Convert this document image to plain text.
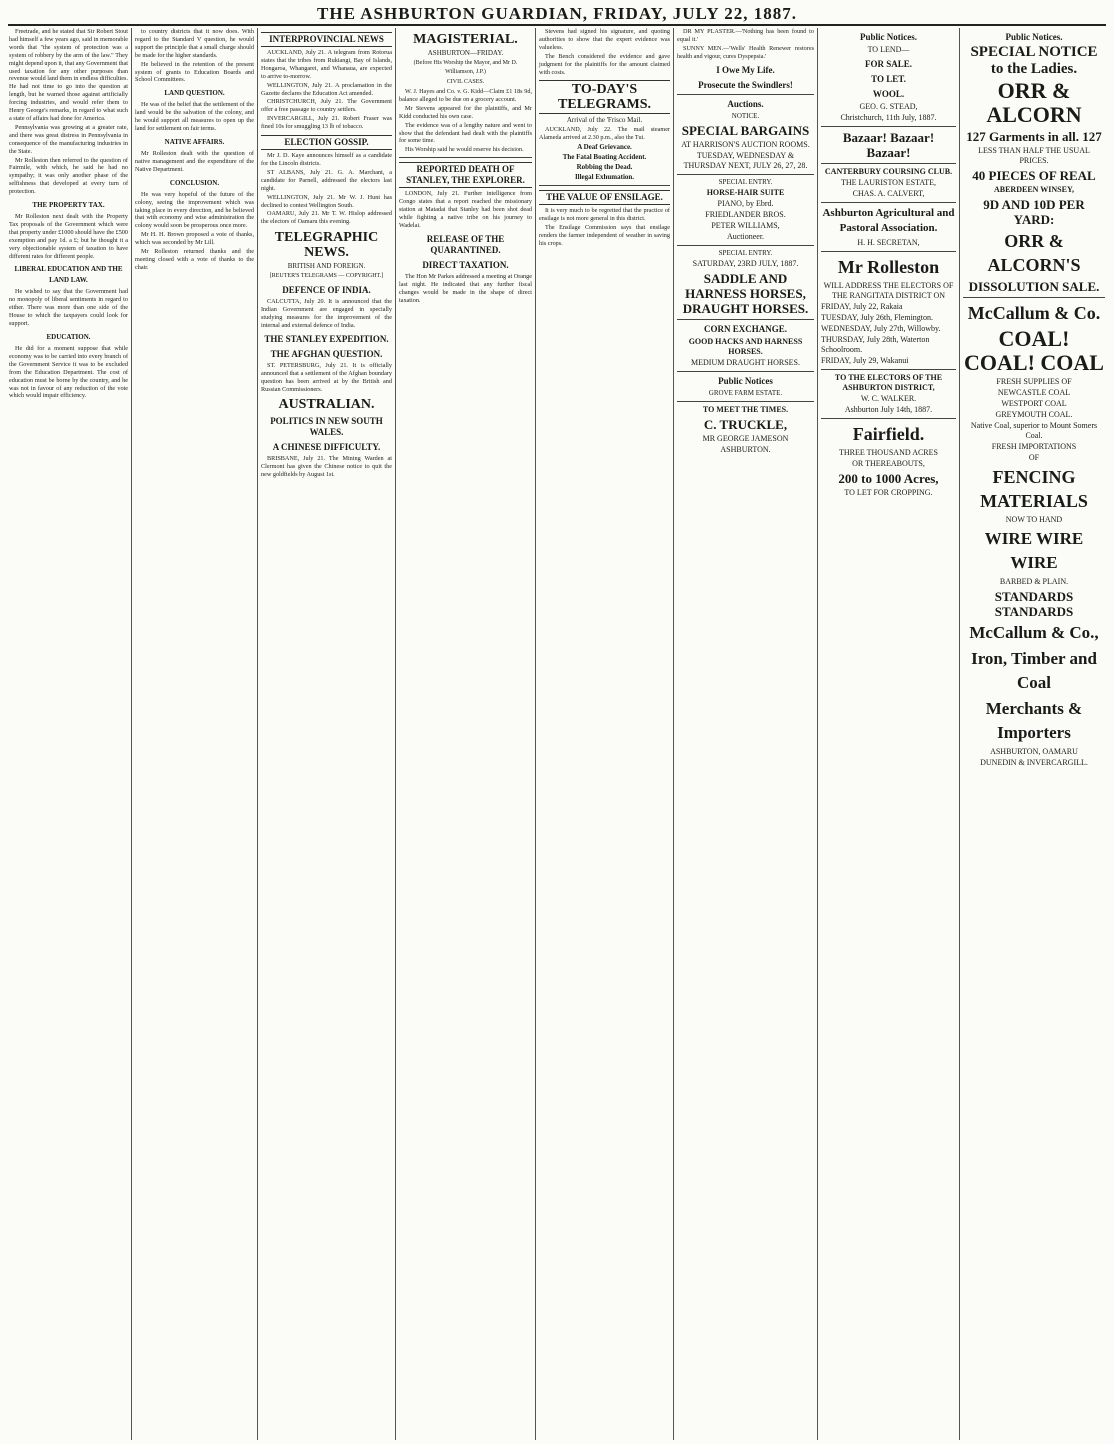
THE ASHBURTON GUARDIAN, FRIDAY, JULY 22, 1887.

Freetrade, and he stated that Sir Robert Stout had himself a few years ago, said in memorable words that "the system of protection was a system of robbery by the arm of the law." They might depend upon it, that any Government that used taxation for any other purposes than revenue would land them in endless difficulties. He had not time to go into the question at length, but he warned those against artificially forcing industries, and would refer them to Henry George's remarks, in regard to what such a state of affairs had done for America.

Pennsylvania was growing at a greater rate, and there was great distress in Pennsylvania in consequence of the manufacturing industries in the State.

Mr Rolleston then referred to the question of Fairmile, with which, he said he had no sympathy; it was only another phase of the selfishness that developed at every turn of protection.

THE PROPERTY TAX.

Mr Rolleston next dealt with the Property Tax proposals of the Government which were that property under £1000 should have the £500 exemption and pay 1d. a £; but he thought it a very objectionable system of taxation to have different rates for different people.

LIBERAL EDUCATION AND THE LAND LAW.

He wished to say that the Government had no monopoly of liberal sentiments in regard to either. There was more than one side of the House to which the taxpayers could look for support.

EDUCATION.

He did for a moment suppose that while economy was to be carried into every branch of the Government Service it was to be excluded from the Education Department. The cost of education must be borne by the country, and he was not in favour of any reduction of the vote which would impair efficiency.

to country districts that it now does. With regard to the Standard V question, he would support the principle that a small charge should be made for the higher standards.

He believed in the retention of the present system of grants to Education Boards and School Committees.

LAND QUESTION.

He was of the belief that the settlement of the land would be the salvation of the colony, and he would support all measures to open up the land for settlement on fair terms.

NATIVE AFFAIRS.

Mr Rolleston dealt with the question of native management and the expenditure of the Native Department.

CONCLUSION.

He was very hopeful of the future of the colony, seeing the improvement which was taking place in every direction, and he believed that with economy and wise administration the colony would soon be prosperous once more.

Mr H. H. Brown proposed a vote of thanks, which was seconded by Mr Lill.

Mr Rolleston returned thanks and the meeting closed with a vote of thanks to the chair.

INTERPROVINCIAL NEWS

AUCKLAND, July 21. A telegram from Rotorua states that the tribes from Rukiangi, Bay of Islands, Hongaroa, Whangarei, and Whanaua, are expected to arrive to-morrow.

WELLINGTON, July 21. A proclamation in the Gazette declares the Education Act amended.

CHRISTCHURCH, July 21. The Government offer a free passage to country settlers.

INVERCARGILL, July 21. Robert Fraser was fined 10s for smuggling 13 lb of tobacco.

ELECTION GOSSIP.

Mr J. D. Kaye announces himself as a candidate for the Lincoln districts.

ST ALBANS, July 21. G. A. Marchant, a candidate for Parnell, addressed the electors last night.

WELLINGTON, July 21. Mr W. J. Hunt has declined to contest Wellington South.

OAMARU, July 21. Mr T. W. Hislop addressed the electors of Oamaru this evening.

TELEGRAPHIC NEWS.
BRITISH AND FOREIGN.
[REUTER'S TELEGRAMS — COPYRIGHT.]
DEFENCE OF INDIA.

CALCUTTA, July 20. It is announced that the Indian Government are engaged in specially studying measures for the improvement of the internal and external defence of India.

THE STANLEY EXPEDITION.
THE AFGHAN QUESTION.

ST. PETERSBURG, July 21. It is officially announced that a settlement of the Afghan boundary question has been arrived at by the British and Russian Commissioners.

AUSTRALIAN.
POLITICS IN NEW SOUTH WALES.
A CHINESE DIFFICULTY.

BRISBANE, July 21. The Mining Warden at Clermont has given the Chinese notice to quit the new goldfields by August 1st.

MAGISTERIAL.
ASHBURTON—FRIDAY.
(Before His Worship the Mayor, and Mr D. Williamson, J.P.)
CIVIL CASES.

W. J. Hayes and Co. v. G. Kidd—Claim £1 18s 9d, balance alleged to be due on a grocery account.

Mr Stevens appeared for the plaintiffs, and Mr Kidd conducted his own case.

The evidence was of a lengthy nature and went to show that the defendant had dealt with the plaintiffs for some time.

His Worship said he would reserve his decision.

REPORTED DEATH OF STANLEY, THE EXPLORER.

LONDON, July 21. Further intelligence from Congo states that a report reached the missionary station at Matadai that Stanley had been shot dead while fighting a native tribe on his journey to Wadelai.

RELEASE OF THE QUARANTINED.
DIRECT TAXATION.

The Hon Mr Parkes addressed a meeting at Orange last night. He indicated that any further fiscal changes would be made in the shape of direct taxation.

Stevens had signed his signature, and quoting authorities to show that the expert evidence was valueless.

The Bench considered the evidence and gave judgment for the plaintiffs for the amount claimed with costs.

TO-DAY'S TELEGRAMS.
Arrival of the 'Frisco Mail.

AUCKLAND, July 22. The mail steamer Alameda arrived at 2.30 p.m., also the Tui.

A Deaf Grievance.
The Fatal Boating Accident.
Robbing the Dead.
Illegal Exhumation.
THE VALUE OF ENSILAGE.

It is very much to be regretted that the practice of ensilage is not more general in this district.

The Ensilage Commission says that ensilage renders the farmer independent of weather in saving his crops.

DR MY PLASTER.—'Nothing has been found to equal it.'

SUNNY MEN.—'Wells' Health Renewer restores health and vigour, cures Dyspepsia.'

I Owe My Life.
Prosecute the Swindlers!
Auctions.
NOTICE.
SPECIAL BARGAINS
AT HARRISON'S AUCTION ROOMS.
TUESDAY, WEDNESDAY & THURSDAY NEXT, JULY 26, 27, 28.
SPECIAL ENTRY.
HORSE-HAIR SUITE
PIANO, by Ebrd.
FRIEDLANDER BROS.
PETER WILLIAMS,
Auctioneer.
SPECIAL ENTRY.
SATURDAY, 23RD JULY, 1887.
SADDLE AND HARNESS HORSES, DRAUGHT HORSES.
CORN EXCHANGE.
GOOD HACKS AND HARNESS HORSES.
MEDIUM DRAUGHT HORSES.
Public Notices
GROVE FARM ESTATE.
TO MEET THE TIMES.
C. TRUCKLE,
MR GEORGE JAMESON
ASHBURTON.
Public Notices.
TO LEND—
FOR SALE.
TO LET.
WOOL.
GEO. G. STEAD,
Christchurch, 11th July, 1887.
Bazaar! Bazaar! Bazaar!
CANTERBURY COURSING CLUB.
THE LAURISTON ESTATE,
CHAS. A. CALVERT,
Ashburton Agricultural and Pastoral Association.
H. H. SECRETAN,
Mr Rolleston
WILL ADDRESS THE ELECTORS OF THE RANGITATA DISTRICT ON
FRIDAY, July 22, Rakaia
TUESDAY, July 26th, Flemington.
WEDNESDAY, July 27th, Willowby.
THURSDAY, July 28th, Waterton Schoolroom.
FRIDAY, July 29, Wakanui
TO THE ELECTORS OF THE ASHBURTON DISTRICT,
W. C. WALKER.
Ashburton July 14th, 1887.
Fairfield.
THREE THOUSAND ACRES
OR THEREABOUTS,
200 to 1000 Acres,
TO LET FOR CROPPING.
Public Notices.
SPECIAL NOTICE
to the Ladies.
ORR & ALCORN
127 Garments in all. 127
LESS THAN HALF THE USUAL PRICES.
40 PIECES OF REAL
ABERDEEN WINSEY,
9D AND 10D PER YARD:
ORR & ALCORN'S
DISSOLUTION SALE.
McCallum & Co.
COAL! COAL! COAL
FRESH SUPPLIES OF
NEWCASTLE COAL
WESTPORT COAL
GREYMOUTH COAL.
Native Coal, superior to Mount Somers Coal.
FRESH IMPORTATIONS
OF
FENCING MATERIALS
NOW TO HAND
WIRE WIRE WIRE
BARBED & PLAIN.
STANDARDS STANDARDS
McCallum & Co.,
Iron, Timber and Coal
Merchants & Importers
ASHBURTON, OAMARU
DUNEDIN & INVERCARGILL.
